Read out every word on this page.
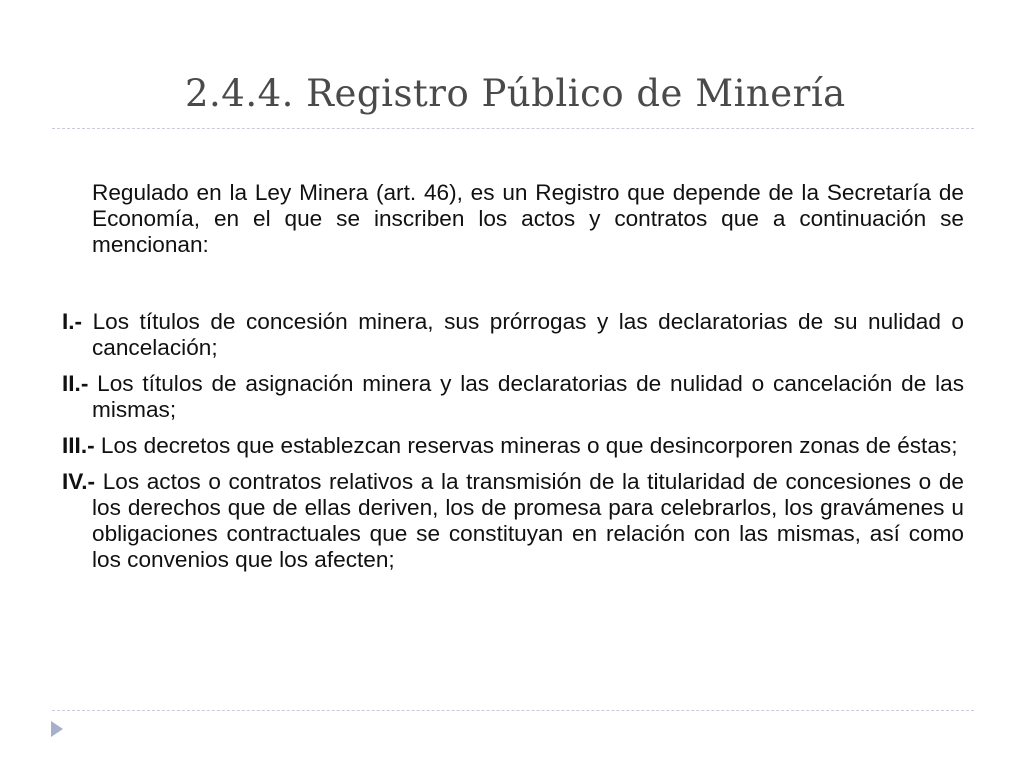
2.4.4. Registro Público de Minería
Regulado en la Ley Minera (art. 46), es un Registro que depende de la Secretaría de Economía, en el que se inscriben los actos y contratos que a continuación se mencionan:
I.- Los títulos de concesión minera, sus prórrogas y las declaratorias de su nulidad o cancelación;
II.- Los títulos de asignación minera y las declaratorias de nulidad o cancelación de las mismas;
III.- Los decretos que establezcan reservas mineras o que desincorporen zonas de éstas;
IV.- Los actos o contratos relativos a la transmisión de la titularidad de concesiones o de los derechos que de ellas deriven, los de promesa para celebrarlos, los gravámenes u obligaciones contractuales que se constituyan en relación con las mismas, así como los convenios que los afecten;
